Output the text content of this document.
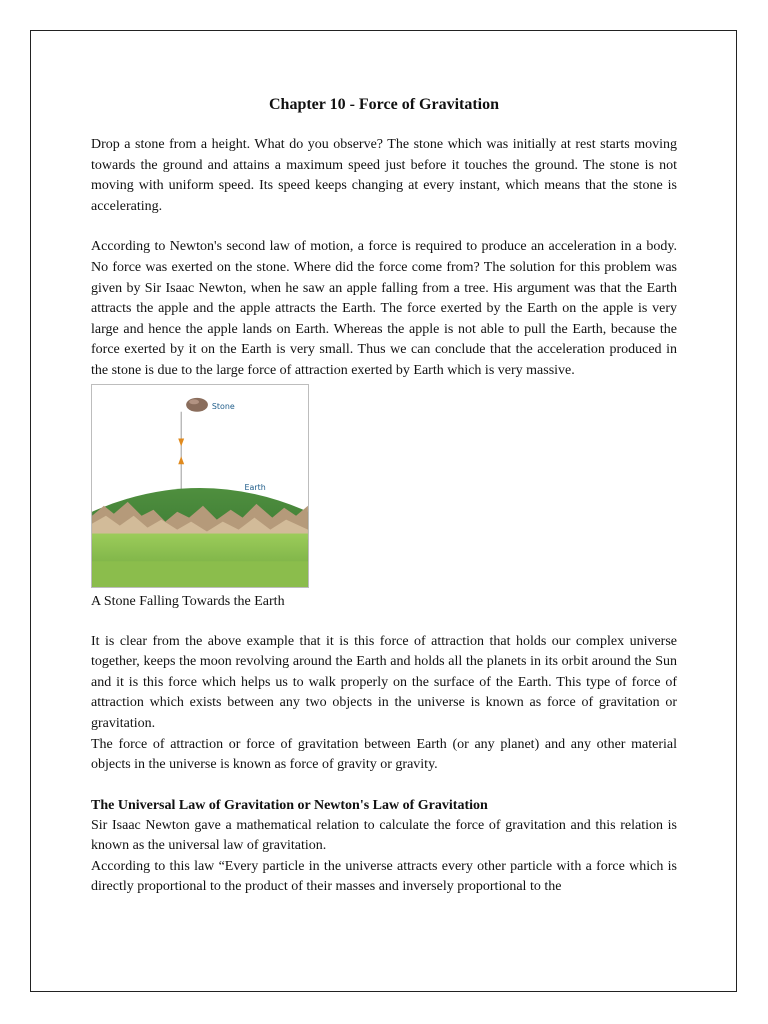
Chapter 10 - Force of Gravitation

Drop a stone from a height. What do you observe? The stone which was initially at rest starts moving towards the ground and attains a maximum speed just before it touches the ground. The stone is not moving with uniform speed. Its speed keeps changing at every instant, which means that the stone is accelerating.

According to Newton's second law of motion, a force is required to produce an acceleration in a body. No force was exerted on the stone. Where did the force come from? The solution for this problem was given by Sir Isaac Newton, when he saw an apple falling from a tree. His argument was that the Earth attracts the apple and the apple attracts the Earth. The force exerted by the Earth on the apple is very large and hence the apple lands on Earth. Whereas the apple is not able to pull the Earth, because the force exerted by it on the Earth is very small. Thus we can conclude that the acceleration produced in the stone is due to the large force of attraction exerted by Earth which is very massive.

Stone
Earth
A Stone Falling Towards the Earth

It is clear from the above example that it is this force of attraction that holds our complex universe together, keeps the moon revolving around the Earth and holds all the planets in its orbit around the Sun and it is this force which helps us to walk properly on the surface of the Earth. This type of force of attraction which exists between any two objects in the universe is known as force of gravitation or gravitation.

The force of attraction or force of gravitation between Earth (or any planet) and any other material objects in the universe is known as force of gravity or gravity.

The Universal Law of Gravitation or Newton's Law of Gravitation

Sir Isaac Newton gave a mathematical relation to calculate the force of gravitation and this relation is known as the universal law of gravitation.

According to this law “Every particle in the universe attracts every other particle with a force which is directly proportional to the product of their masses and inversely proportional to the
